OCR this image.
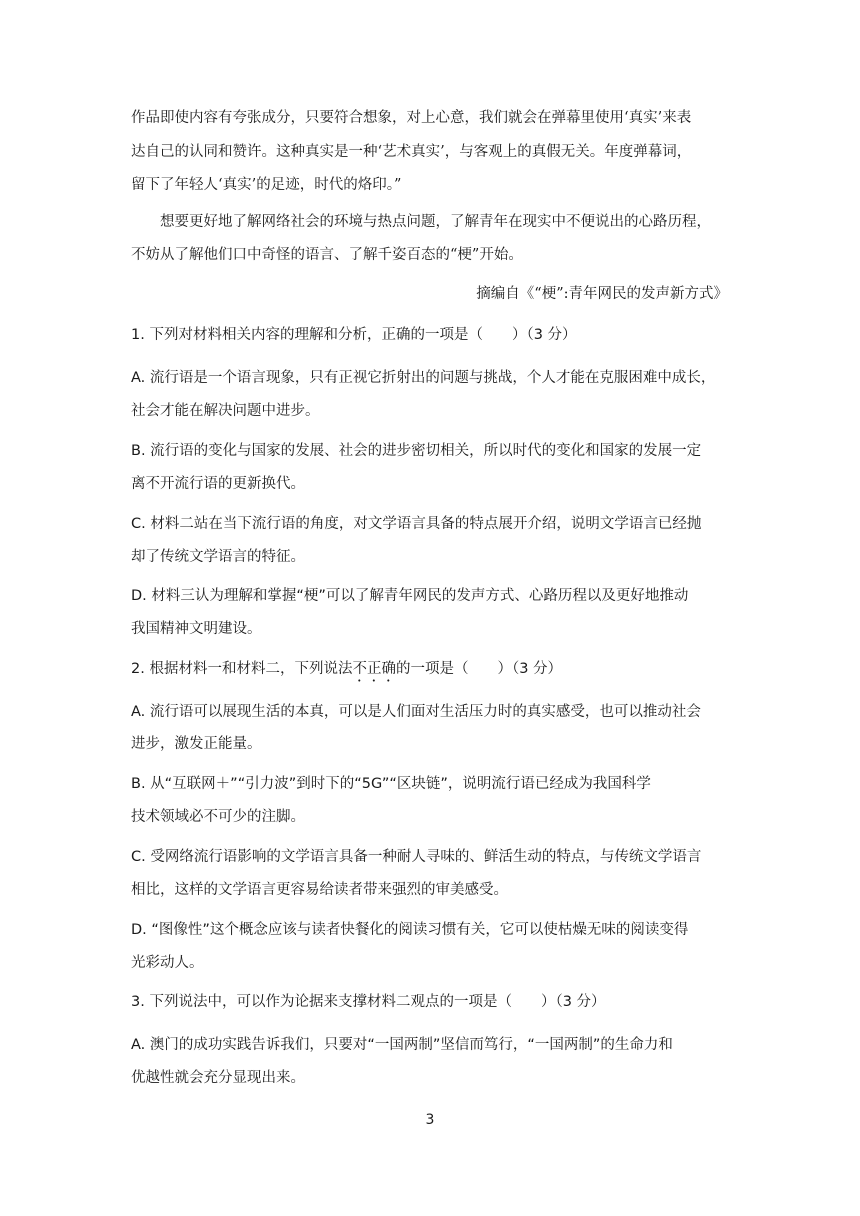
作品即使内容有夸张成分，只要符合想象，对上心意，我们就会在弹幕里使用‘真实’来表
达自己的认同和赞许。这种真实是一种‘艺术真实’，与客观上的真假无关。年度弹幕词，
留下了年轻人‘真实’的足迹，时代的烙印。”
想要更好地了解网络社会的环境与热点问题，了解青年在现实中不便说出的心路历程，
不妨从了解他们口中奇怪的语言、了解千姿百态的“梗”开始。
摘编自《“梗”:青年网民的发声新方式》
1. 下列对材料相关内容的理解和分析，正确的一项是（　　）（3 分）
A. 流行语是一个语言现象，只有正视它折射出的问题与挑战，个人才能在克服困难中成长，
社会才能在解决问题中进步。
B. 流行语的变化与国家的发展、社会的进步密切相关，所以时代的变化和国家的发展一定
离不开流行语的更新换代。
C. 材料二站在当下流行语的角度，对文学语言具备的特点展开介绍，说明文学语言已经抛
却了传统文学语言的特征。
D. 材料三认为理解和掌握“梗”可以了解青年网民的发声方式、心路历程以及更好地推动
我国精神文明建设。
2. 根据材料一和材料二，下列说法不正确的一项是（　　）（3 分）
A. 流行语可以展现生活的本真，可以是人们面对生活压力时的真实感受，也可以推动社会
进步，激发正能量。
B. 从“互联网＋”“引力波”到时下的“5G”“区块链”，说明流行语已经成为我国科学
技术领域必不可少的注脚。
C. 受网络流行语影响的文学语言具备一种耐人寻味的、鲜活生动的特点，与传统文学语言
相比，这样的文学语言更容易给读者带来强烈的审美感受。
D. “图像性”这个概念应该与读者快餐化的阅读习惯有关，它可以使枯燥无味的阅读变得
光彩动人。
3. 下列说法中，可以作为论据来支撑材料二观点的一项是（　　）（3 分）
A. 澳门的成功实践告诉我们，只要对“一国两制”坚信而笃行，“一国两制”的生命力和
优越性就会充分显现出来。
3
